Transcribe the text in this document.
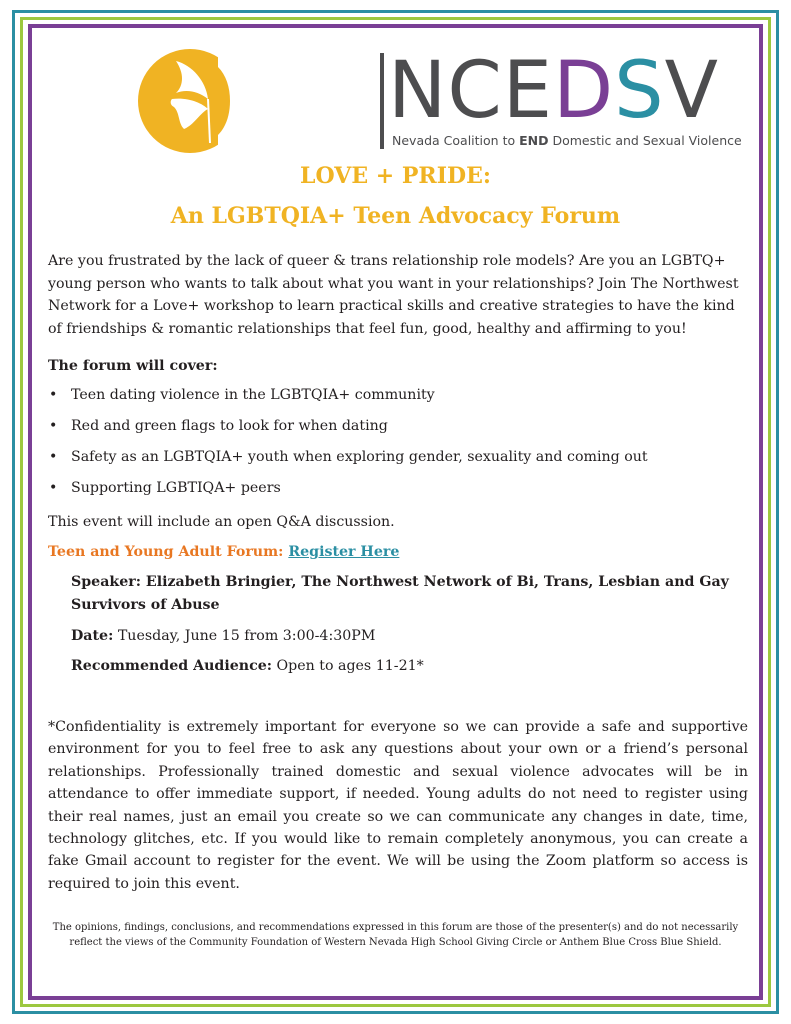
NCEDSV
Nevada Coalition to END Domestic and Sexual Violence
LOVE + PRIDE:
An LGBTQIA+ Teen Advocacy Forum

Are you frustrated by the lack of queer & trans relationship role models? Are you an LGBTQ+ young person who wants to talk about what you want in your relationships? Join The Northwest Network for a Love+ workshop to learn practical skills and creative strategies to have the kind of friendships & romantic relationships that feel fun, good, healthy and affirming to you!

The forum will cover:

• Teen dating violence in the LGBTQIA+ community
• Red and green flags to look for when dating
• Safety as an LGBTQIA+ youth when exploring gender, sexuality and coming out
• Supporting LGBTIQA+ peers

This event will include an open Q&A discussion.

Teen and Young Adult Forum: Register Here

Speaker: Elizabeth Bringier, The Northwest Network of Bi, Trans, Lesbian and Gay Survivors of Abuse

Date: Tuesday, June 15 from 3:00-4:30PM

Recommended Audience: Open to ages 11-21*

*Confidentiality is extremely important for everyone so we can provide a safe and supportive environment for you to feel free to ask any questions about your own or a friend’s personal relationships. Professionally trained domestic and sexual violence advocates will be in attendance to offer immediate support, if needed. Young adults do not need to register using their real names, just an email you create so we can communicate any changes in date, time, technology glitches, etc. If you would like to remain completely anonymous, you can create a fake Gmail account to register for the event. We will be using the Zoom platform so access is required to join this event.

The opinions, findings, conclusions, and recommendations expressed in this forum are those of the presenter(s) and do not necessarily reflect the views of the Community Foundation of Western Nevada High School Giving Circle or Anthem Blue Cross Blue Shield.
